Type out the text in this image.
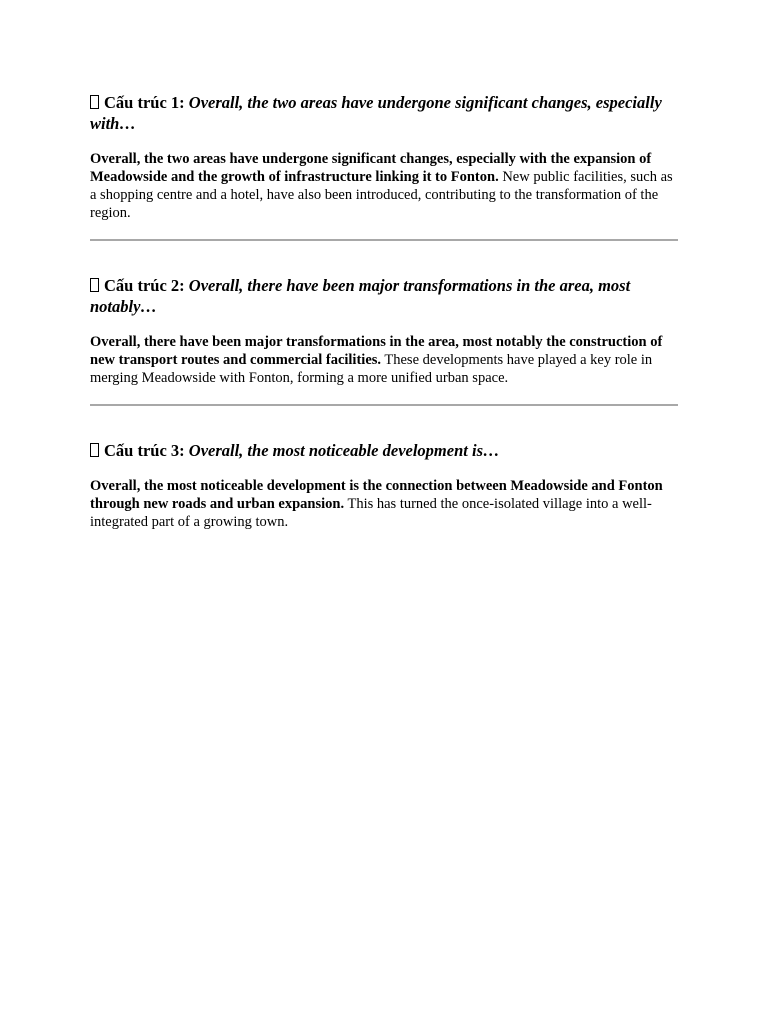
Cấu trúc 1: Overall, the two areas have undergone significant changes, especially with…

Overall, the two areas have undergone significant changes, especially with the expansion of Meadowside and the growth of infrastructure linking it to Fonton. New public facilities, such as a shopping centre and a hotel, have also been introduced, contributing to the transformation of the region.

Cấu trúc 2: Overall, there have been major transformations in the area, most notably…

Overall, there have been major transformations in the area, most notably the construction of new transport routes and commercial facilities. These developments have played a key role in merging Meadowside with Fonton, forming a more unified urban space.

Cấu trúc 3: Overall, the most noticeable development is…

Overall, the most noticeable development is the connection between Meadowside and Fonton through new roads and urban expansion. This has turned the once-isolated village into a well-integrated part of a growing town.
